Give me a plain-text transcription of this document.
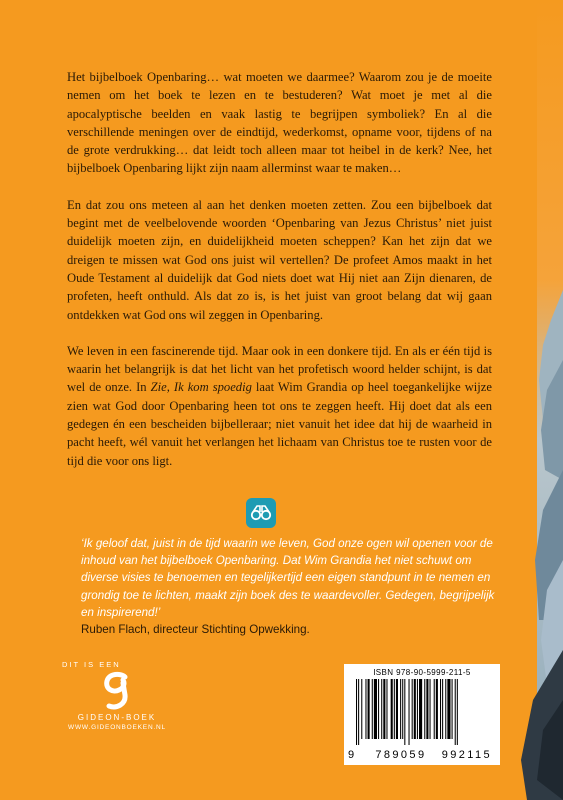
Het bijbelboek Openbaring… wat moeten we daarmee? Waarom zou je de moeite nemen om het boek te lezen en te bestuderen? Wat moet je met al die apocalyptische beelden en vaak lastig te begrijpen symboliek? En al die verschillende meningen over de eindtijd, wederkomst, opname voor, tijdens of na de grote verdrukking… dat leidt toch alleen maar tot heibel in de kerk? Nee, het bijbelboek Openbaring lijkt zijn naam allerminst waar te maken…

En dat zou ons meteen al aan het denken moeten zetten. Zou een bijbelboek dat begint met de veelbelovende woorden ‘Openbaring van Jezus Christus’ niet juist duidelijk moeten zijn, en duidelijkheid moeten scheppen? Kan het zijn dat we dreigen te missen wat God ons juist wil vertellen? De profeet Amos maakt in het Oude Testament al duidelijk dat God niets doet wat Hij niet aan Zijn dienaren, de profeten, heeft onthuld. Als dat zo is, is het juist van groot belang dat wij gaan ontdekken wat God ons wil zeggen in Openbaring.

We leven in een fascinerende tijd. Maar ook in een donkere tijd. En als er één tijd is waarin het belangrijk is dat het licht van het profetisch woord helder schijnt, is dat wel de onze. In Zie, Ik kom spoedig laat Wim Grandia op heel toegankelijke wijze zien wat God door Openbaring heen tot ons te zeggen heeft. Hij doet dat als een gedegen én een bescheiden bijbelleraar; niet vanuit het idee dat hij de waarheid in pacht heeft, wél vanuit het verlangen het lichaam van Christus toe te rusten voor de tijd die voor ons ligt.

‘Ik geloof dat, juist in de tijd waarin we leven, God onze ogen wil openen voor de inhoud van het bijbelboek Openbaring. Dat Wim Grandia het niet schuwt om diverse visies te benoemen en tegelijkertijd een eigen standpunt in te nemen en grondig toe te lichten, maakt zijn boek des te waardevoller. Gedegen, begrijpelijk en inspirerend!’
Ruben Flach, directeur Stichting Opwekking.
DIT IS EEN
GIDEON-BOEK
WWW.GIDEONBOEKEN.NL
ISBN 978-90-5999-211-5
9 789059 992115
